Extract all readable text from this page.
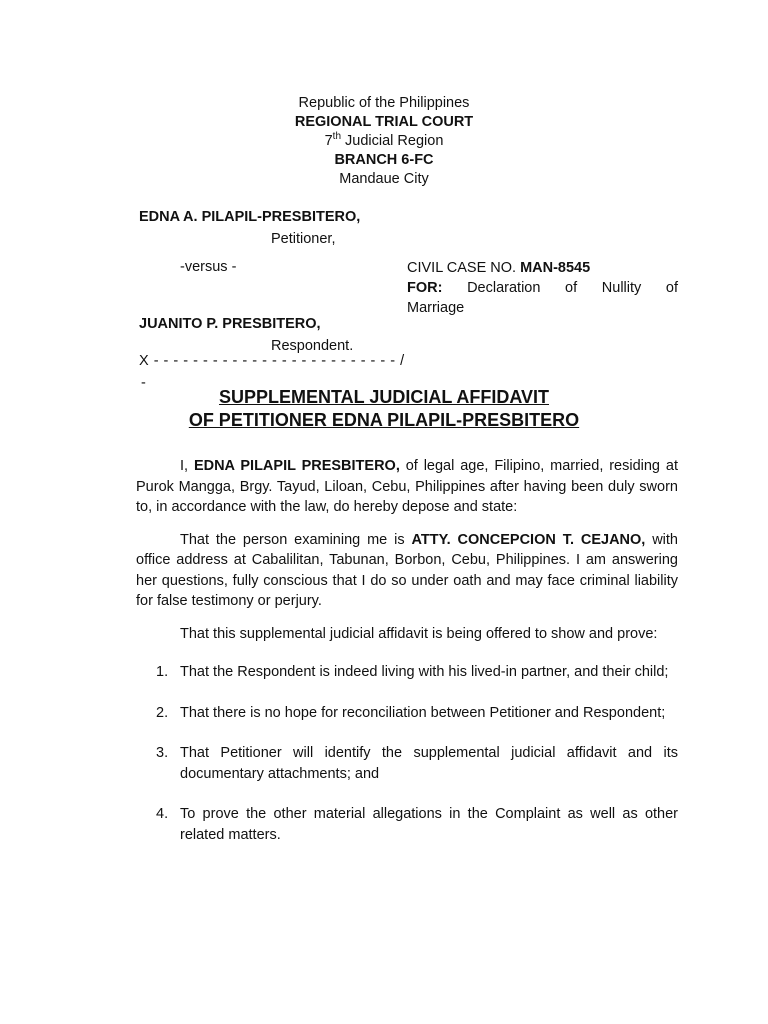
Republic of the Philippines
REGIONAL TRIAL COURT
7th Judicial Region
BRANCH 6-FC
Mandaue City
EDNA A. PILAPIL-PRESBITERO,
Petitioner,
-versus -	CIVIL CASE NO. MAN-8545
FOR: Declaration of Nullity of
Marriage
JUANITO P. PRESBITERO,
Respondent.
X - - - - - - - - - - - - - - - - - - - - - - - - - /
-
SUPPLEMENTAL JUDICIAL AFFIDAVIT
OF PETITIONER EDNA PILAPIL-PRESBITERO

I, EDNA PILAPIL PRESBITERO, of legal age, Filipino, married, residing at Purok Mangga, Brgy. Tayud, Liloan, Cebu, Philippines after having been duly sworn to, in accordance with the law, do hereby depose and state:

That the person examining me is ATTY. CONCEPCION T. CEJANO, with office address at Cabalilitan, Tabunan, Borbon, Cebu, Philippines. I am answering her questions, fully conscious that I do so under oath and may face criminal liability for false testimony or perjury.

That this supplemental judicial affidavit is being offered to show and prove:

1. That the Respondent is indeed living with his lived-in partner, and their child;
2. That there is no hope for reconciliation between Petitioner and Respondent;
3. That Petitioner will identify the supplemental judicial affidavit and its documentary attachments; and
4. To prove the other material allegations in the Complaint as well as other related matters.
